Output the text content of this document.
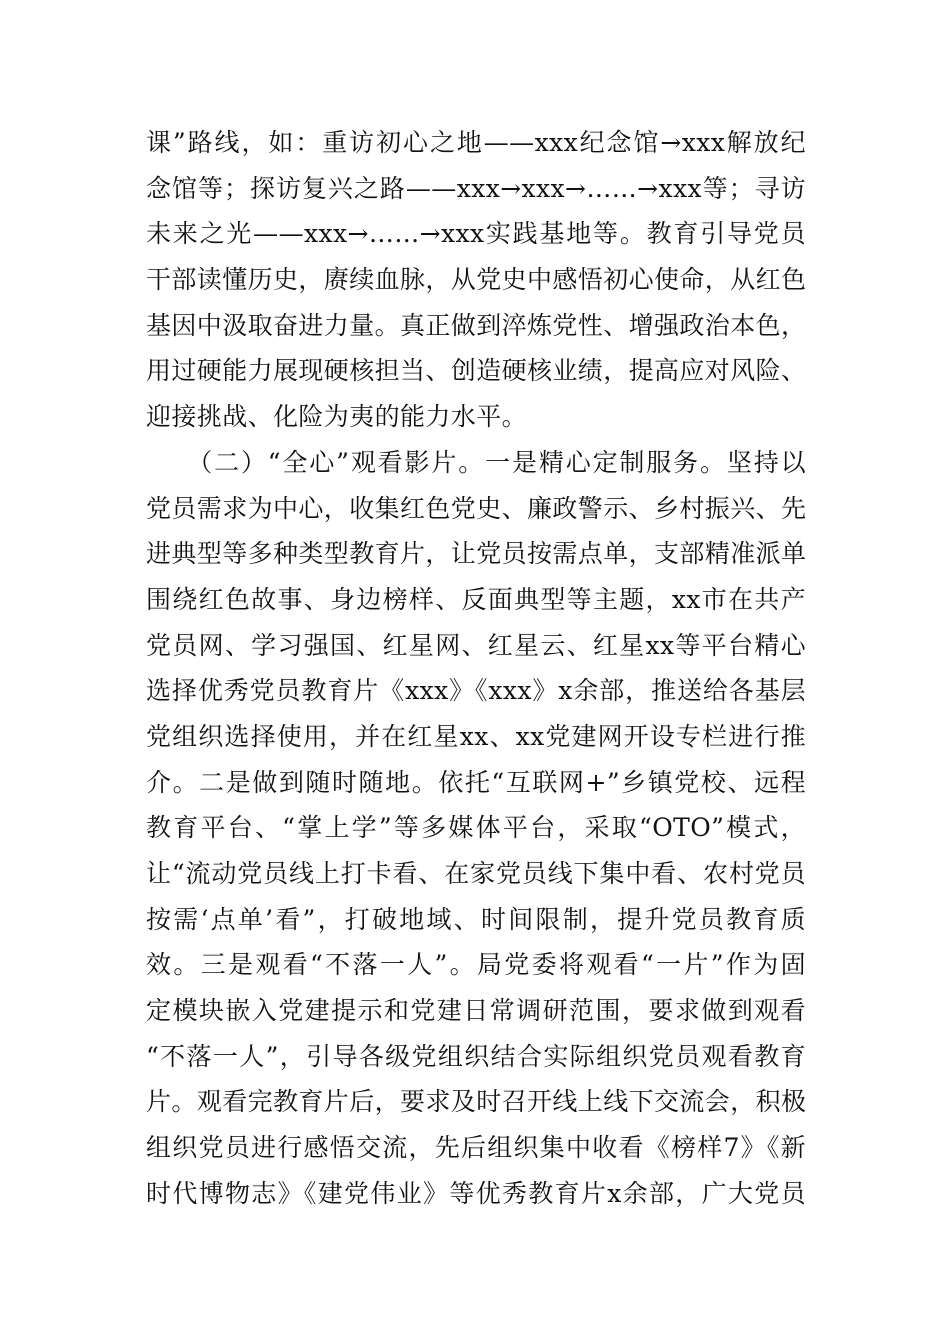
课”路线，如：重访初心之地——xxx纪念馆→xxx解放纪
念馆等；探访复兴之路——xxx→xxx→……→xxx等；寻访
未来之光——xxx→……→xxx实践基地等。教育引导党员
干部读懂历史，赓续血脉，从党史中感悟初心使命，从红色
基因中汲取奋进力量。真正做到淬炼党性、增强政治本色，
用过硬能力展现硬核担当、创造硬核业绩，提高应对风险、
迎接挑战、化险为夷的能力水平。
　　（二）“全心”观看影片。一是精心定制服务。坚持以
党员需求为中心，收集红色党史、廉政警示、乡村振兴、先
进典型等多种类型教育片，让党员按需点单，支部精准派单
围绕红色故事、身边榜样、反面典型等主题，xx市在共产
党员网、学习强国、红星网、红星云、红星xx等平台精心
选择优秀党员教育片《xxx》《xxx》x余部，推送给各基层
党组织选择使用，并在红星xx、xx党建网开设专栏进行推
介。二是做到随时随地。依托“互联网+”乡镇党校、远程
教育平台、“掌上学”等多媒体平台，采取“OTO”模式，
让“流动党员线上打卡看、在家党员线下集中看、农村党员
按需‘点单’看”，打破地域、时间限制，提升党员教育质
效。三是观看“不落一人”。局党委将观看“一片”作为固
定模块嵌入党建提示和党建日常调研范围，要求做到观看
“不落一人”，引导各级党组织结合实际组织党员观看教育
片。观看完教育片后，要求及时召开线上线下交流会，积极
组织党员进行感悟交流，先后组织集中收看《榜样7》《新
时代博物志》《建党伟业》等优秀教育片x余部，广大党员
